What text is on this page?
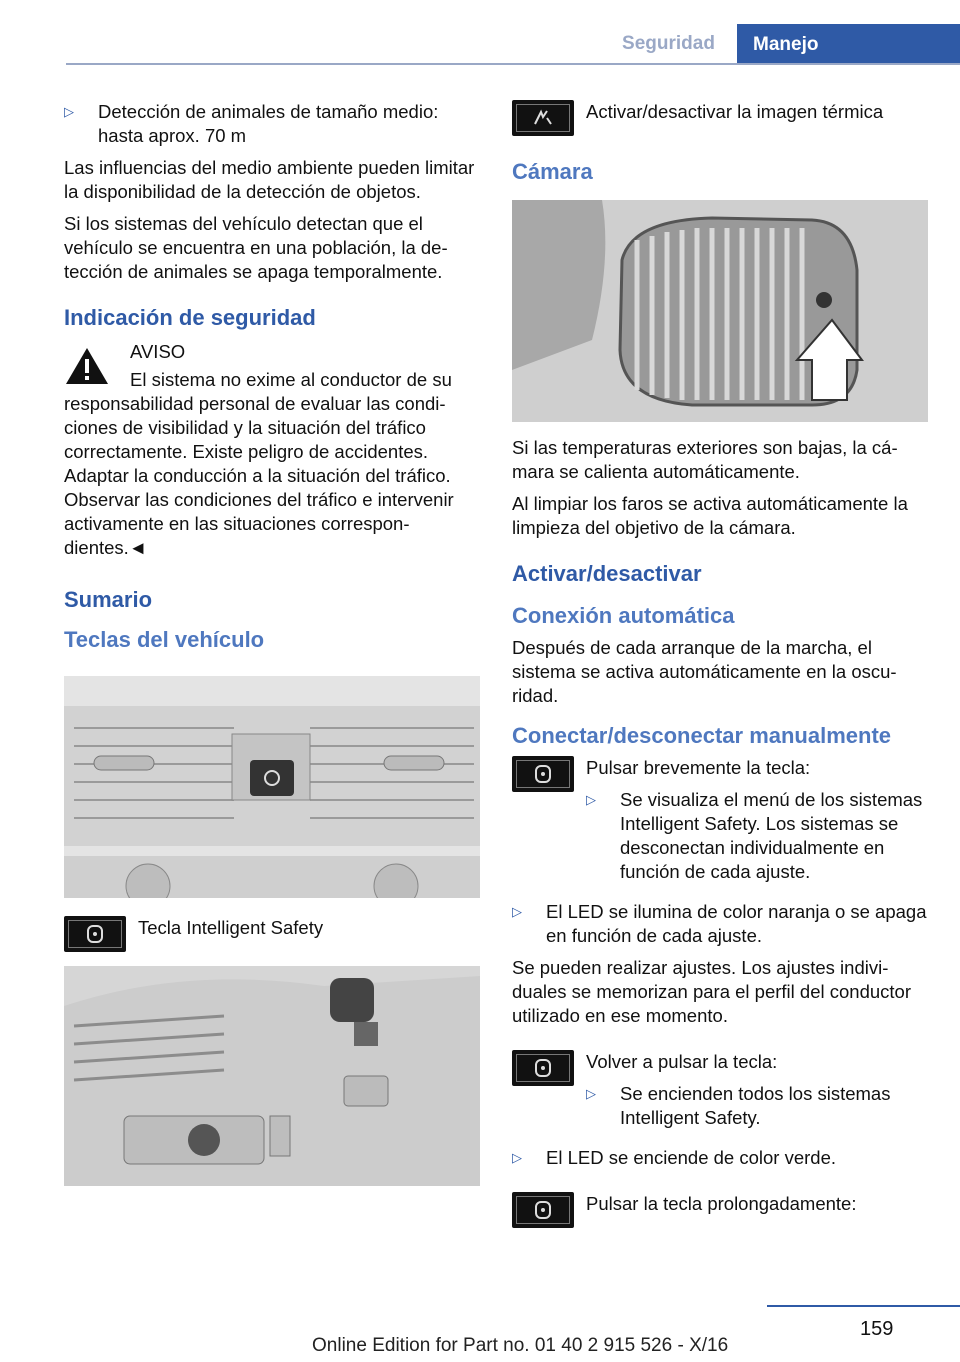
Seguridad	Manejo
▷	Detección de animales de tamaño medio: hasta aprox. 70 m

Las influencias del medio ambiente pueden limitar la disponibilidad de la detección de objetos.

Si los sistemas del vehículo detectan que el vehículo se encuentra en una población, la detección de animales se apaga temporalmente.

Indicación de seguridad
AVISO

El sistema no exime al conductor de su responsabilidad personal de evaluar las condiciones de visibilidad y la situación del tráfico correctamente. Existe peligro de accidentes. Adaptar la conducción a la situación del tráfico. Observar las condiciones del tráfico e intervenir activamente en las situaciones correspondientes.◄

Sumario
Teclas del vehículo
Tecla Intelligent Safety
Activar/desactivar la imagen térmica
Cámara

Si las temperaturas exteriores son bajas, la cámara se calienta automáticamente.

Al limpiar los faros se activa automáticamente la limpieza del objetivo de la cámara.

Activar/desactivar
Conexión automática

Después de cada arranque de la marcha, el sistema se activa automáticamente en la oscuridad.

Conectar/desconectar manualmente
Pulsar brevemente la tecla:
▷	Se visualiza el menú de los sistemas Intelligent Safety. Los sistemas se desconectan individualmente en función de cada ajuste.
▷	El LED se ilumina de color naranja o se apaga en función de cada ajuste.

Se pueden realizar ajustes. Los ajustes individuales se memorizan para el perfil del conductor utilizado en ese momento.

Volver a pulsar la tecla:
▷	Se encienden todos los sistemas Intelligent Safety.
▷	El LED se enciende de color verde.
Pulsar la tecla prolongadamente:
159
Online Edition for Part no. 01 40 2 915 526 - X/16
